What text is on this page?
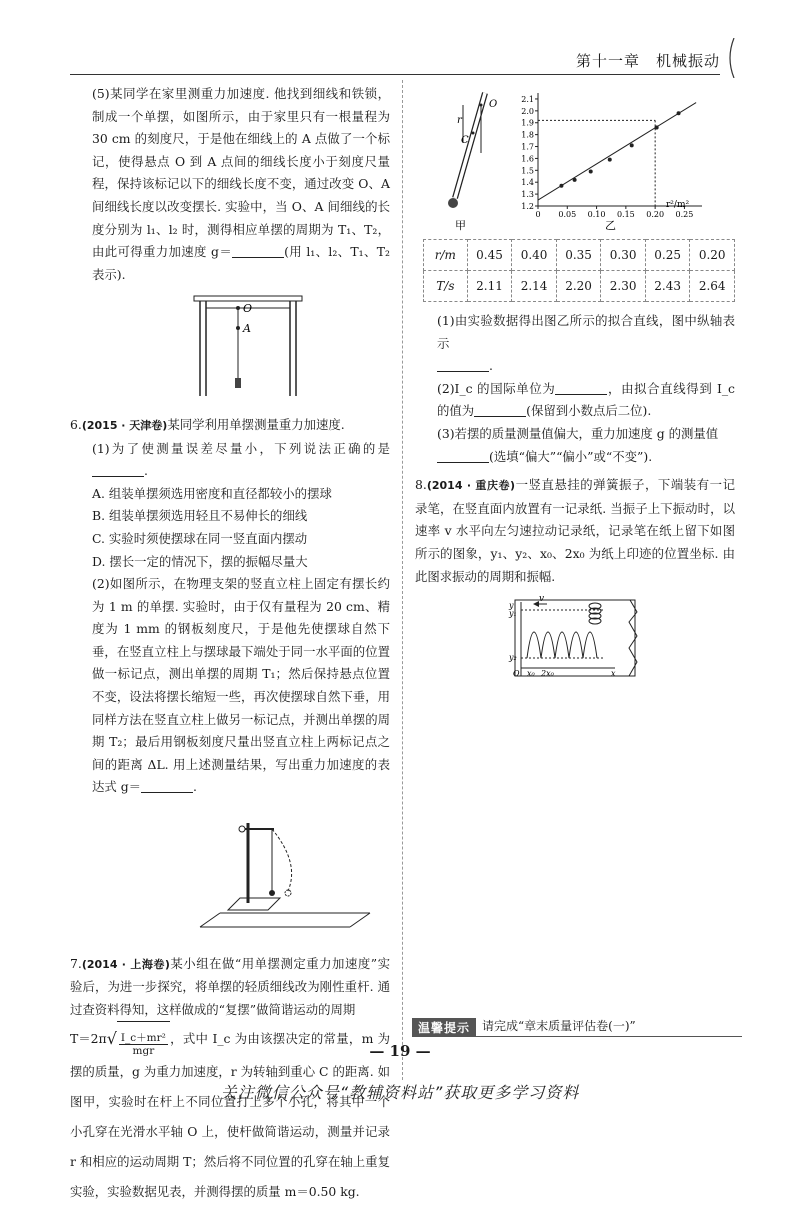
第十一章　机械振动

(5)某同学在家里测重力加速度. 他找到细线和铁锁，制成一个单摆，如图所示，由于家里只有一根量程为 30 cm 的刻度尺，于是他在细线上的 A 点做了一个标记，使得悬点 O 到 A 点间的细线长度小于刻度尺量程，保持该标记以下的细线长度不变，通过改变 O、A 间细线长度以改变摆长. 实验中，当 O、A 间细线的长度分别为 l₁、l₂ 时，测得相应单摆的周期为 T₁、T₂，由此可得重力加速度 g＝	(用 l₁、l₂、T₁、T₂ 表示).

O
A

6.(2015 · 天津卷)某同学利用单摆测量重力加速度.

(1)为了使测量误差尽量小，下列说法正确的是.

A. 组装单摆须选用密度和直径都较小的摆球

B. 组装单摆须选用轻且不易伸长的细线

C. 实验时须使摆球在同一竖直面内摆动

D. 摆长一定的情况下，摆的振幅尽量大

(2)如图所示，在物理支架的竖直立柱上固定有摆长约为 1 m 的单摆. 实验时，由于仅有量程为 20 cm、精度为 1 mm 的钢板刻度尺，于是他先使摆球自然下垂，在竖直立柱上与摆球最下端处于同一水平面的位置做一标记点，测出单摆的周期 T₁；然后保持悬点位置不变，设法将摆长缩短一些，再次使摆球自然下垂，用同样方法在竖直立柱上做另一标记点，并测出单摆的周期 T₂；最后用钢板刻度尺量出竖直立柱上两标记点之间的距离 ΔL. 用上述测量结果，写出重力加速度的表达式 g＝	.

7.(2014 · 上海卷)某小组在做“用单摆测定重力加速度”实验后，为进一步探究，将单摆的轻质细线改为刚性重杆. 通过查资料得知，这样做成的“复摆”做简谐运动的周期

T＝2π √ $\frac{\text{I\_c＋mr²}}{\text{mgr}}$ ，式中 I_c 为由该摆决定的常量，m 为摆的质量，g 为重力加速度，r 为转轴到重心 C 的距离. 如图甲，实验时在杆上不同位置打上多个小孔，将其中一个小孔穿在光滑水平轴 O 上，使杆做简谐运动，测量并记录 r 和相应的运动周期 T；然后将不同位置的孔穿在轴上重复实验，实验数据见表，并测得摆的质量 m＝0.50 kg.

O
r
C
甲
1.2
1.3
1.4
1.5
1.6
1.7
1.8
1.9
2.0
2.1
0 0.05 0.10 0.15 0.20 0.25
r²/m²
乙
r/m	0.45	0.40	0.35	0.30	0.25	0.20
T/s	2.11	2.14	2.20	2.30	2.43	2.64

(1)由实验数据得出图乙所示的拟合直线，图中纵轴表示
.

(2)I_c 的国际单位为	，由拟合直线得到 I_c 的值为	(保留到小数点后二位).

(3)若摆的质量测量值偏大，重力加速度 g 的测量值
(选填“偏大”“偏小”或“不变”).

8.(2014 · 重庆卷)一竖直悬挂的弹簧振子，下端装有一记录笔，在竖直面内放置有一记录纸. 当振子上下振动时，以速率 v 水平向左匀速拉动记录纸，记录笔在纸上留下如图所示的图象，y₁、y₂、x₀、2x₀ 为纸上印迹的位置坐标. 由此图求振动的周期和振幅.

v
y
y₁
y₂
O x₀ 2x₀	x
温馨提示	请完成“章末质量评估卷(一)”
— 19 —
关注微信公众号“教辅资料站”获取更多学习资料
